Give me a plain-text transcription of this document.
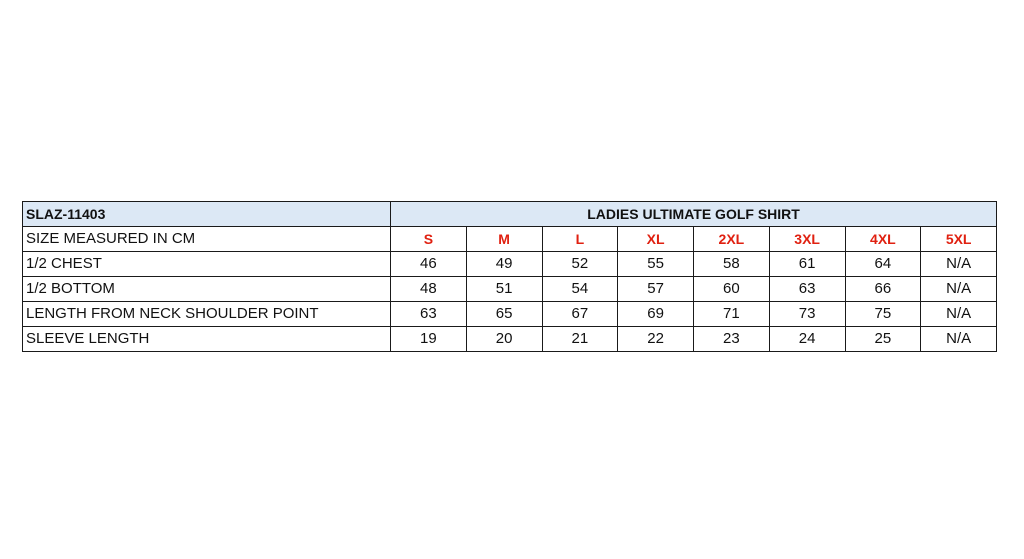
SLAZ-11403	LADIES ULTIMATE GOLF SHIRT							
SIZE MEASURED IN CM	S	M	L	XL	2XL	3XL	4XL	5XL
1/2 CHEST	46	49	52	55	58	61	64	N/A
1/2 BOTTOM	48	51	54	57	60	63	66	N/A
LENGTH FROM NECK SHOULDER POINT	63	65	67	69	71	73	75	N/A
SLEEVE LENGTH	19	20	21	22	23	24	25	N/A
